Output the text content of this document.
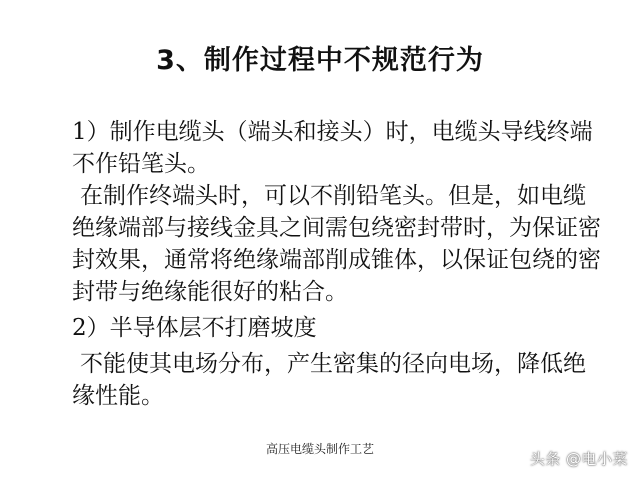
3、制作过程中不规范行为

1）制作电缆头（端头和接头）时，电缆头导线终端不作铅笔头。

在制作终端头时，可以不削铅笔头。但是，如电缆绝缘端部与接线金具之间需包绕密封带时，为保证密封效果，通常将绝缘端部削成锥体，以保证包绕的密封带与绝缘能很好的粘合。

2）半导体层不打磨坡度

不能使其电场分布，产生密集的径向电场，降低绝缘性能。

高压电缆头制作工艺
头条 @电小菜
